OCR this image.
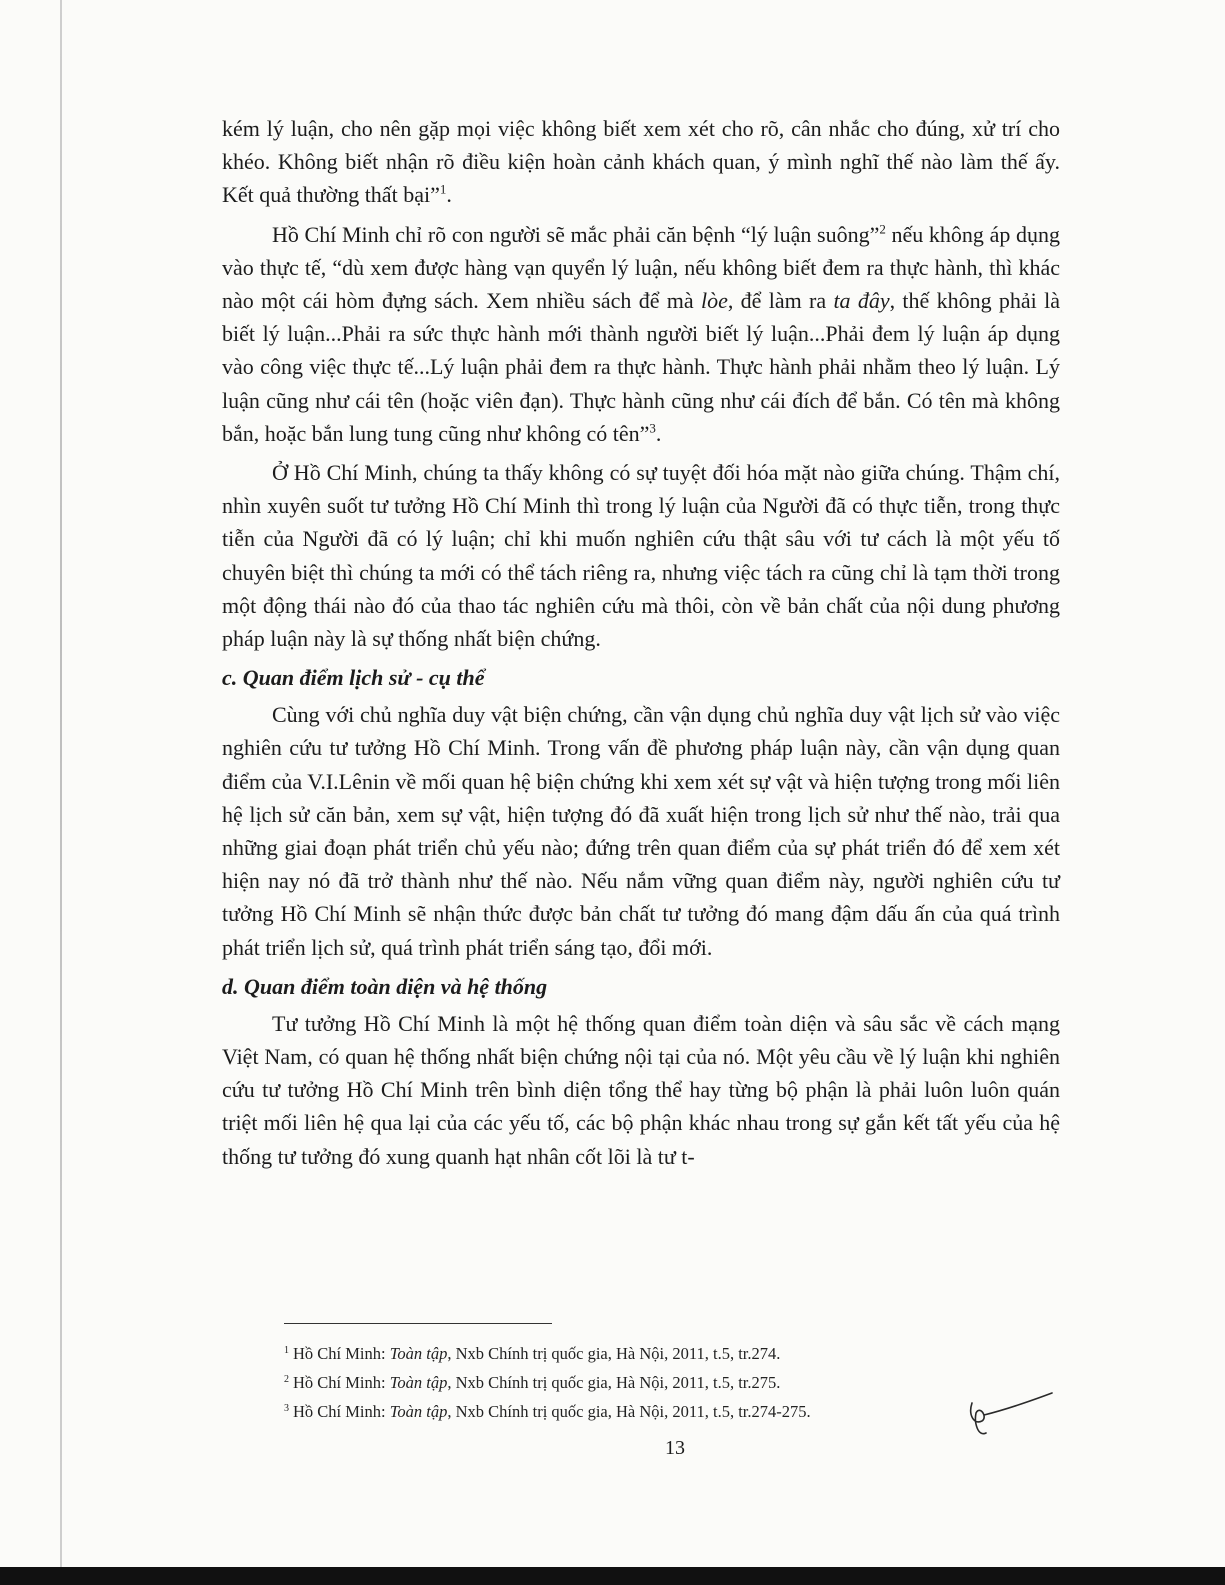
kém lý luận, cho nên gặp mọi việc không biết xem xét cho rõ, cân nhắc cho đúng, xử trí cho khéo. Không biết nhận rõ điều kiện hoàn cảnh khách quan, ý mình nghĩ thế nào làm thế ấy. Kết quả thường thất bại”$^1$.

Hồ Chí Minh chỉ rõ con người sẽ mắc phải căn bệnh “lý luận suông”$^2$ nếu không áp dụng vào thực tế, “dù xem được hàng vạn quyển lý luận, nếu không biết đem ra thực hành, thì khác nào một cái hòm đựng sách. Xem nhiều sách để mà lòe, để làm ra ta đây, thế không phải là biết lý luận...Phải ra sức thực hành mới thành người biết lý luận...Phải đem lý luận áp dụng vào công việc thực tế...Lý luận phải đem ra thực hành. Thực hành phải nhằm theo lý luận. Lý luận cũng như cái tên (hoặc viên đạn). Thực hành cũng như cái đích để bắn. Có tên mà không bắn, hoặc bắn lung tung cũng như không có tên”$^3$.

Ở Hồ Chí Minh, chúng ta thấy không có sự tuyệt đối hóa mặt nào giữa chúng. Thậm chí, nhìn xuyên suốt tư tưởng Hồ Chí Minh thì trong lý luận của Người đã có thực tiễn, trong thực tiễn của Người đã có lý luận; chỉ khi muốn nghiên cứu thật sâu với tư cách là một yếu tố chuyên biệt thì chúng ta mới có thể tách riêng ra, nhưng việc tách ra cũng chỉ là tạm thời trong một động thái nào đó của thao tác nghiên cứu mà thôi, còn về bản chất của nội dung phương pháp luận này là sự thống nhất biện chứng.

c. Quan điểm lịch sử - cụ thể

Cùng với chủ nghĩa duy vật biện chứng, cần vận dụng chủ nghĩa duy vật lịch sử vào việc nghiên cứu tư tưởng Hồ Chí Minh. Trong vấn đề phương pháp luận này, cần vận dụng quan điểm của V.I.Lênin về mối quan hệ biện chứng khi xem xét sự vật và hiện tượng trong mối liên hệ lịch sử căn bản, xem sự vật, hiện tượng đó đã xuất hiện trong lịch sử như thế nào, trải qua những giai đoạn phát triển chủ yếu nào; đứng trên quan điểm của sự phát triển đó để xem xét hiện nay nó đã trở thành như thế nào. Nếu nắm vững quan điểm này, người nghiên cứu tư tưởng Hồ Chí Minh sẽ nhận thức được bản chất tư tưởng đó mang đậm dấu ấn của quá trình phát triển lịch sử, quá trình phát triển sáng tạo, đổi mới.

d. Quan điểm toàn diện và hệ thống

Tư tưởng Hồ Chí Minh là một hệ thống quan điểm toàn diện và sâu sắc về cách mạng Việt Nam, có quan hệ thống nhất biện chứng nội tại của nó. Một yêu cầu về lý luận khi nghiên cứu tư tưởng Hồ Chí Minh trên bình diện tổng thể hay từng bộ phận là phải luôn luôn quán triệt mối liên hệ qua lại của các yếu tố, các bộ phận khác nhau trong sự gắn kết tất yếu của hệ thống tư tưởng đó xung quanh hạt nhân cốt lõi là tư t-

$^1$ Hồ Chí Minh: Toàn tập, Nxb Chính trị quốc gia, Hà Nội, 2011, t.5, tr.274.
$^2$ Hồ Chí Minh: Toàn tập, Nxb Chính trị quốc gia, Hà Nội, 2011, t.5, tr.275.
$^3$ Hồ Chí Minh: Toàn tập, Nxb Chính trị quốc gia, Hà Nội, 2011, t.5, tr.274-275.
13
